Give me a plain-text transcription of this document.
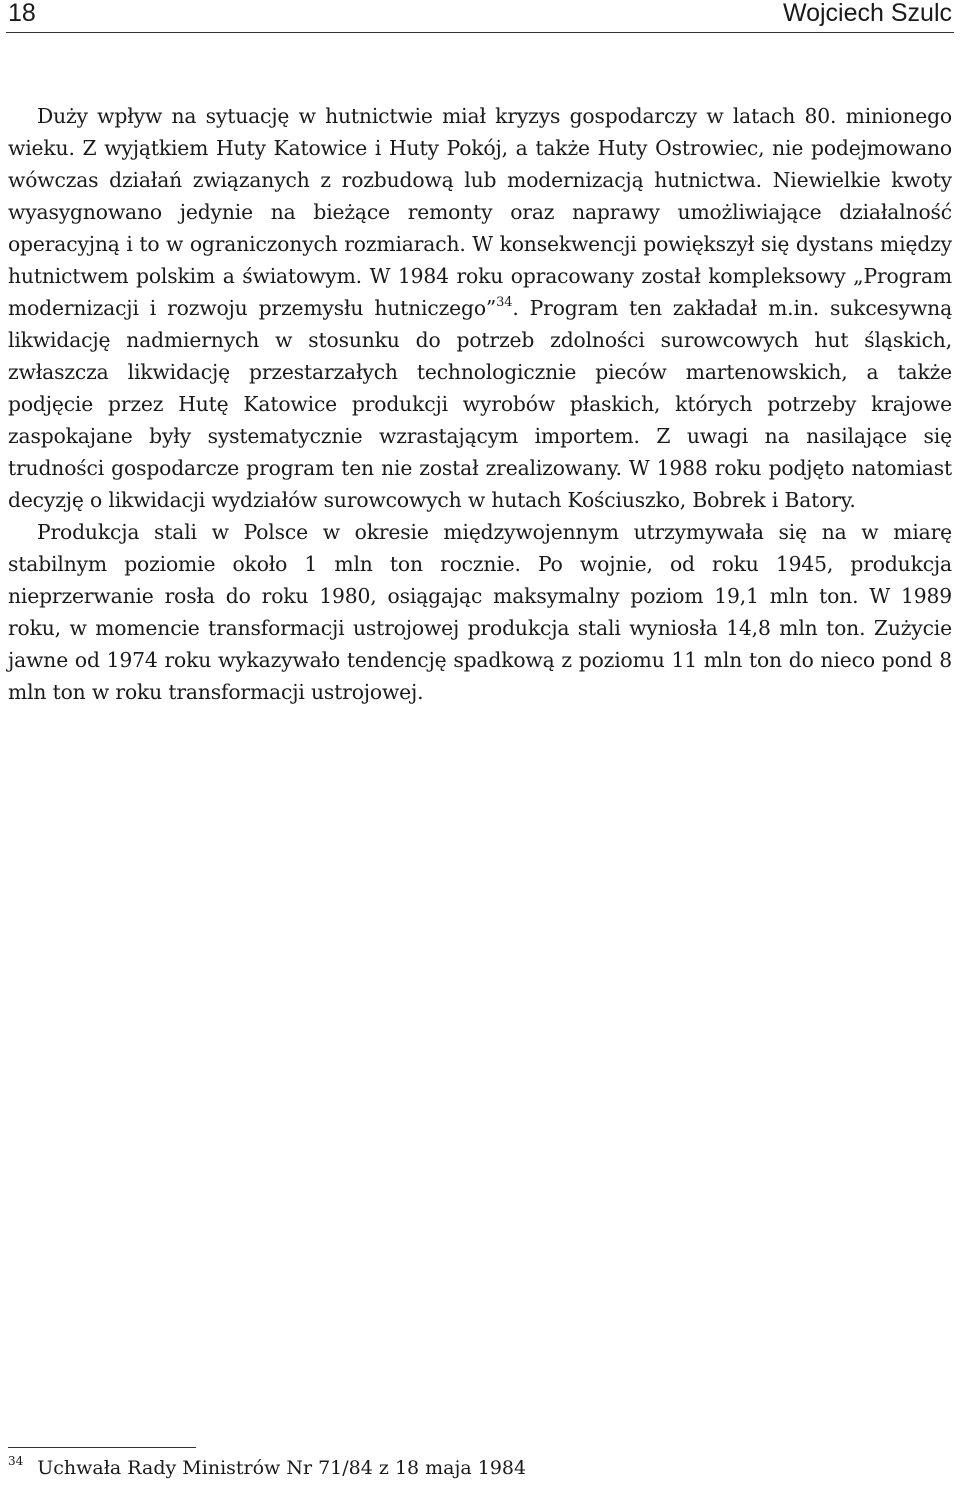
18	Wojciech Szulc

Duży wpływ na sytuację w hutnictwie miał kryzys gospodarczy w latach 80. minionego wieku. Z wyjątkiem Huty Katowice i Huty Pokój, a także Huty Ostrowiec, nie podejmowano wówczas działań związanych z rozbudową lub modernizacją hutnictwa. Niewielkie kwoty wyasygnowano jedynie na bieżące remonty oraz naprawy umożliwiające działalność operacyjną i to w ograniczonych rozmiarach. W konsekwencji powiększył się dystans między hutnictwem polskim a światowym. W 1984 roku opracowany został kompleksowy „Program modernizacji i rozwoju przemysłu hutniczego”$^{34}$. Program ten zakładał m.in. sukcesywną likwidację nadmiernych w stosunku do potrzeb zdolności surowcowych hut śląskich, zwłaszcza likwidację przestarzałych technologicznie pieców martenowskich, a także podjęcie przez Hutę Katowice produkcji wyrobów płaskich, których potrzeby krajowe zaspokajane były systematycznie wzrastającym importem. Z uwagi na nasilające się trudności gospodarcze program ten nie został zrealizowany. W 1988 roku podjęto natomiast decyzję o likwidacji wydziałów surowcowych w hutach Kościuszko, Bobrek i Batory.

Produkcja stali w Polsce w okresie międzywojennym utrzymywała się na w miarę stabilnym poziomie około 1 mln ton rocznie. Po wojnie, od roku 1945, produkcja nieprzerwanie rosła do roku 1980, osiągając maksymalny poziom 19,1 mln ton. W 1989 roku, w momencie transformacji ustrojowej produkcja stali wyniosła 14,8 mln ton. Zużycie jawne od 1974 roku wykazywało tendencję spadkową z poziomu 11 mln ton do nieco pond 8 mln ton w roku transformacji ustrojowej.

$^{34}$ Uchwała Rady Ministrów Nr 71/84 z 18 maja 1984
